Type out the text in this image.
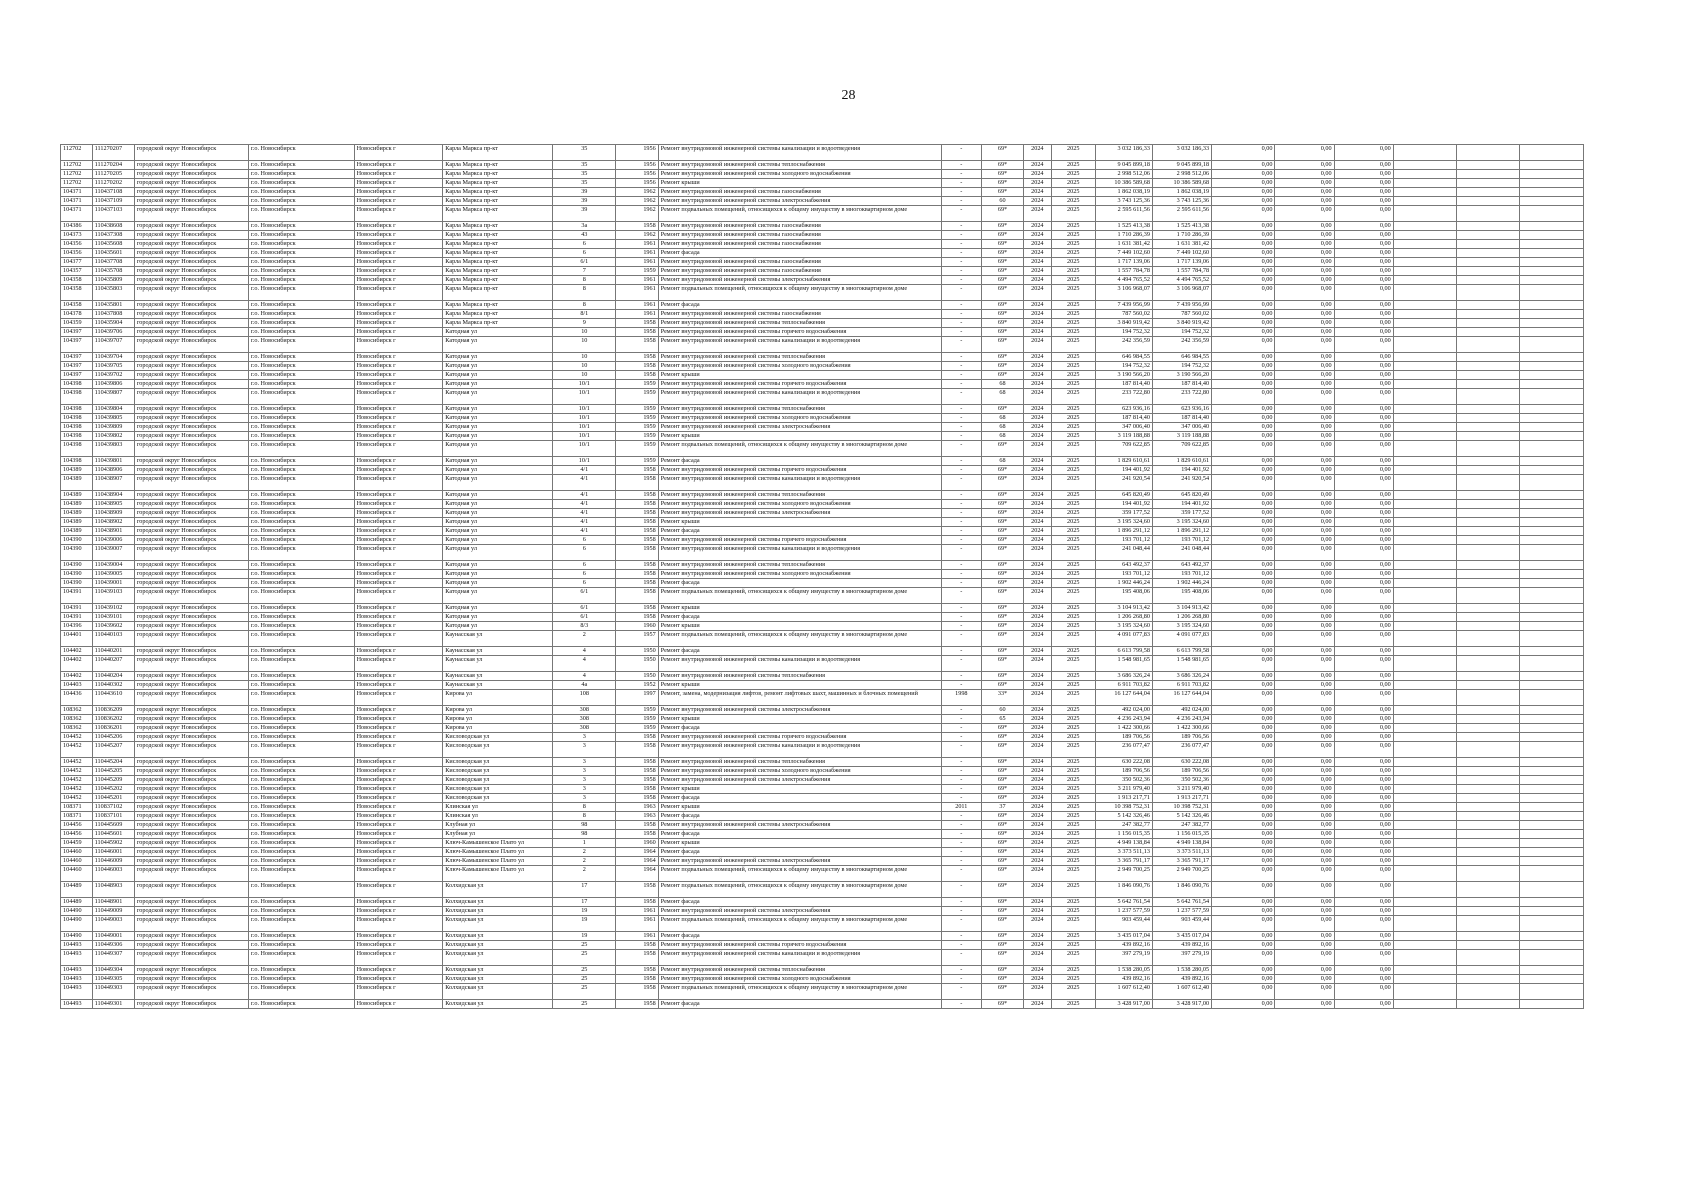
28
112702	111270207	городской округ Новосибирск	г.о. Новосибирск	Новосибирск г	Карла Маркса пр-кт	35	1956	Ремонт внутридомовой инженерной системы канализации и водоотведения	-	69*	2024	2025	3 032 186,33	3 032 186,33	0,00	0,00	0,00			
112702	111270204	городской округ Новосибирск	г.о. Новосибирск	Новосибирск г	Карла Маркса пр-кт	35	1956	Ремонт внутридомовой инженерной системы теплоснабжения	-	69*	2024	2025	9 045 899,18	9 045 899,18	0,00	0,00	0,00			
112702	111270205	городской округ Новосибирск	г.о. Новосибирск	Новосибирск г	Карла Маркса пр-кт	35	1956	Ремонт внутридомовой инженерной системы холодного водоснабжения	-	69*	2024	2025	2 998 512,06	2 998 512,06	0,00	0,00	0,00			
112702	111270202	городской округ Новосибирск	г.о. Новосибирск	Новосибирск г	Карла Маркса пр-кт	35	1956	Ремонт крыши	-	69*	2024	2025	10 386 589,68	10 386 589,68	0,00	0,00	0,00			
104371	110437108	городской округ Новосибирск	г.о. Новосибирск	Новосибирск г	Карла Маркса пр-кт	39	1962	Ремонт внутридомовой инженерной системы газоснабжения	-	69*	2024	2025	1 862 038,19	1 862 038,19	0,00	0,00	0,00			
104371	110437109	городской округ Новосибирск	г.о. Новосибирск	Новосибирск г	Карла Маркса пр-кт	39	1962	Ремонт внутридомовой инженерной системы электроснабжения	-	60	2024	2025	3 743 125,36	3 743 125,36	0,00	0,00	0,00			
104371	110437103	городской округ Новосибирск	г.о. Новосибирск	Новосибирск г	Карла Маркса пр-кт	39	1962	Ремонт подвальных помещений, относящихся к общему имуществу в многоквартирном доме	-	69*	2024	2025	2 595 611,56	2 595 611,56	0,00	0,00	0,00			
104386	110438608	городской округ Новосибирск	г.о. Новосибирск	Новосибирск г	Карла Маркса пр-кт	3а	1958	Ремонт внутридомовой инженерной системы газоснабжения	-	69*	2024	2025	1 525 413,38	1 525 413,38	0,00	0,00	0,00			
104373	110437308	городской округ Новосибирск	г.о. Новосибирск	Новосибирск г	Карла Маркса пр-кт	43	1962	Ремонт внутридомовой инженерной системы газоснабжения	-	69*	2024	2025	1 710 286,39	1 710 286,39	0,00	0,00	0,00			
104356	110435608	городской округ Новосибирск	г.о. Новосибирск	Новосибирск г	Карла Маркса пр-кт	6	1961	Ремонт внутридомовой инженерной системы газоснабжения	-	69*	2024	2025	1 631 381,42	1 631 381,42	0,00	0,00	0,00			
104356	110435601	городской округ Новосибирск	г.о. Новосибирск	Новосибирск г	Карла Маркса пр-кт	6	1961	Ремонт фасада	-	69*	2024	2025	7 449 102,60	7 449 102,60	0,00	0,00	0,00			
104377	110437708	городской округ Новосибирск	г.о. Новосибирск	Новосибирск г	Карла Маркса пр-кт	6/1	1961	Ремонт внутридомовой инженерной системы газоснабжения	-	69*	2024	2025	1 717 139,06	1 717 139,06	0,00	0,00	0,00			
104357	110435708	городской округ Новосибирск	г.о. Новосибирск	Новосибирск г	Карла Маркса пр-кт	7	1959	Ремонт внутридомовой инженерной системы газоснабжения	-	69*	2024	2025	1 557 784,78	1 557 784,78	0,00	0,00	0,00			
104358	110435809	городской округ Новосибирск	г.о. Новосибирск	Новосибирск г	Карла Маркса пр-кт	8	1961	Ремонт внутридомовой инженерной системы электроснабжения	-	69*	2024	2025	4 494 765,52	4 494 765,52	0,00	0,00	0,00			
104358	110435803	городской округ Новосибирск	г.о. Новосибирск	Новосибирск г	Карла Маркса пр-кт	8	1961	Ремонт подвальных помещений, относящихся к общему имуществу в многоквартирном доме	-	69*	2024	2025	3 106 968,07	3 106 968,07	0,00	0,00	0,00			
104358	110435801	городской округ Новосибирск	г.о. Новосибирск	Новосибирск г	Карла Маркса пр-кт	8	1961	Ремонт фасада	-	69*	2024	2025	7 439 956,99	7 439 956,99	0,00	0,00	0,00			
104378	110437808	городской округ Новосибирск	г.о. Новосибирск	Новосибирск г	Карла Маркса пр-кт	8/1	1961	Ремонт внутридомовой инженерной системы газоснабжения	-	69*	2024	2025	787 560,02	787 560,02	0,00	0,00	0,00			
104359	110435904	городской округ Новосибирск	г.о. Новосибирск	Новосибирск г	Карла Маркса пр-кт	9	1958	Ремонт внутридомовой инженерной системы теплоснабжения	-	69*	2024	2025	3 840 919,42	3 840 919,42	0,00	0,00	0,00			
104397	110439706	городской округ Новосибирск	г.о. Новосибирск	Новосибирск г	Катодная ул	10	1958	Ремонт внутридомовой инженерной системы горячего водоснабжения	-	69*	2024	2025	194 752,32	194 752,32	0,00	0,00	0,00			
104397	110439707	городской округ Новосибирск	г.о. Новосибирск	Новосибирск г	Катодная ул	10	1958	Ремонт внутридомовой инженерной системы канализации и водоотведения	-	69*	2024	2025	242 356,59	242 356,59	0,00	0,00	0,00			
104397	110439704	городской округ Новосибирск	г.о. Новосибирск	Новосибирск г	Катодная ул	10	1958	Ремонт внутридомовой инженерной системы теплоснабжения	-	69*	2024	2025	646 984,55	646 984,55	0,00	0,00	0,00			
104397	110439705	городской округ Новосибирск	г.о. Новосибирск	Новосибирск г	Катодная ул	10	1958	Ремонт внутридомовой инженерной системы холодного водоснабжения	-	69*	2024	2025	194 752,32	194 752,32	0,00	0,00	0,00			
104397	110439702	городской округ Новосибирск	г.о. Новосибирск	Новосибирск г	Катодная ул	10	1958	Ремонт крыши	-	69*	2024	2025	3 190 566,20	3 190 566,20	0,00	0,00	0,00			
104398	110439806	городской округ Новосибирск	г.о. Новосибирск	Новосибирск г	Катодная ул	10/1	1959	Ремонт внутридомовой инженерной системы горячего водоснабжения	-	68	2024	2025	187 814,40	187 814,40	0,00	0,00	0,00			
104398	110439807	городской округ Новосибирск	г.о. Новосибирск	Новосибирск г	Катодная ул	10/1	1959	Ремонт внутридомовой инженерной системы канализации и водоотведения	-	68	2024	2025	233 722,80	233 722,80	0,00	0,00	0,00			
104398	110439804	городской округ Новосибирск	г.о. Новосибирск	Новосибирск г	Катодная ул	10/1	1959	Ремонт внутридомовой инженерной системы теплоснабжения	-	69*	2024	2025	623 936,16	623 936,16	0,00	0,00	0,00			
104398	110439805	городской округ Новосибирск	г.о. Новосибирск	Новосибирск г	Катодная ул	10/1	1959	Ремонт внутридомовой инженерной системы холодного водоснабжения	-	68	2024	2025	187 814,40	187 814,40	0,00	0,00	0,00			
104398	110439809	городской округ Новосибирск	г.о. Новосибирск	Новосибирск г	Катодная ул	10/1	1959	Ремонт внутридомовой инженерной системы электроснабжения	-	68	2024	2025	347 006,40	347 006,40	0,00	0,00	0,00			
104398	110439802	городской округ Новосибирск	г.о. Новосибирск	Новосибирск г	Катодная ул	10/1	1959	Ремонт крыши	-	68	2024	2025	3 119 188,88	3 119 188,88	0,00	0,00	0,00			
104398	110439803	городской округ Новосибирск	г.о. Новосибирск	Новосибирск г	Катодная ул	10/1	1959	Ремонт подвальных помещений, относящихся к общему имуществу в многоквартирном доме	-	69*	2024	2025	709 622,85	709 622,85	0,00	0,00	0,00			
104398	110439801	городской округ Новосибирск	г.о. Новосибирск	Новосибирск г	Катодная ул	10/1	1959	Ремонт фасада	-	68	2024	2025	1 829 610,61	1 829 610,61	0,00	0,00	0,00			
104389	110438906	городской округ Новосибирск	г.о. Новосибирск	Новосибирск г	Катодная ул	4/1	1958	Ремонт внутридомовой инженерной системы горячего водоснабжения	-	69*	2024	2025	194 401,92	194 401,92	0,00	0,00	0,00			
104389	110438907	городской округ Новосибирск	г.о. Новосибирск	Новосибирск г	Катодная ул	4/1	1958	Ремонт внутридомовой инженерной системы канализации и водоотведения	-	69*	2024	2025	241 920,54	241 920,54	0,00	0,00	0,00			
104389	110438904	городской округ Новосибирск	г.о. Новосибирск	Новосибирск г	Катодная ул	4/1	1958	Ремонт внутридомовой инженерной системы теплоснабжения	-	69*	2024	2025	645 820,49	645 820,49	0,00	0,00	0,00			
104389	110438905	городской округ Новосибирск	г.о. Новосибирск	Новосибирск г	Катодная ул	4/1	1958	Ремонт внутридомовой инженерной системы холодного водоснабжения	-	69*	2024	2025	194 401,92	194 401,92	0,00	0,00	0,00			
104389	110438909	городской округ Новосибирск	г.о. Новосибирск	Новосибирск г	Катодная ул	4/1	1958	Ремонт внутридомовой инженерной системы электроснабжения	-	69*	2024	2025	359 177,52	359 177,52	0,00	0,00	0,00			
104389	110438902	городской округ Новосибирск	г.о. Новосибирск	Новосибирск г	Катодная ул	4/1	1958	Ремонт крыши	-	69*	2024	2025	3 195 324,60	3 195 324,60	0,00	0,00	0,00			
104389	110438901	городской округ Новосибирск	г.о. Новосибирск	Новосибирск г	Катодная ул	4/1	1958	Ремонт фасада	-	69*	2024	2025	1 896 291,12	1 896 291,12	0,00	0,00	0,00			
104390	110439006	городской округ Новосибирск	г.о. Новосибирск	Новосибирск г	Катодная ул	6	1958	Ремонт внутридомовой инженерной системы горячего водоснабжения	-	69*	2024	2025	193 701,12	193 701,12	0,00	0,00	0,00			
104390	110439007	городской округ Новосибирск	г.о. Новосибирск	Новосибирск г	Катодная ул	6	1958	Ремонт внутридомовой инженерной системы канализации и водоотведения	-	69*	2024	2025	241 048,44	241 048,44	0,00	0,00	0,00			
104390	110439004	городской округ Новосибирск	г.о. Новосибирск	Новосибирск г	Катодная ул	6	1958	Ремонт внутридомовой инженерной системы теплоснабжения	-	69*	2024	2025	643 492,37	643 492,37	0,00	0,00	0,00			
104390	110439005	городской округ Новосибирск	г.о. Новосибирск	Новосибирск г	Катодная ул	6	1958	Ремонт внутридомовой инженерной системы холодного водоснабжения	-	69*	2024	2025	193 701,12	193 701,12	0,00	0,00	0,00			
104390	110439001	городской округ Новосибирск	г.о. Новосибирск	Новосибирск г	Катодная ул	6	1958	Ремонт фасада	-	69*	2024	2025	1 902 446,24	1 902 446,24	0,00	0,00	0,00			
104391	110439103	городской округ Новосибирск	г.о. Новосибирск	Новосибирск г	Катодная ул	6/1	1958	Ремонт подвальных помещений, относящихся к общему имуществу в многоквартирном доме	-	69*	2024	2025	195 408,06	195 408,06	0,00	0,00	0,00			
104391	110439102	городской округ Новосибирск	г.о. Новосибирск	Новосибирск г	Катодная ул	6/1	1958	Ремонт крыши	-	69*	2024	2025	3 104 913,42	3 104 913,42	0,00	0,00	0,00			
104391	110439101	городской округ Новосибирск	г.о. Новосибирск	Новосибирск г	Катодная ул	6/1	1958	Ремонт фасада	-	69*	2024	2025	1 206 268,80	1 206 268,80	0,00	0,00	0,00			
104396	110439602	городской округ Новосибирск	г.о. Новосибирск	Новосибирск г	Катодная ул	8/3	1960	Ремонт крыши	-	69*	2024	2025	3 195 324,60	3 195 324,60	0,00	0,00	0,00			
104401	110440103	городской округ Новосибирск	г.о. Новосибирск	Новосибирск г	Каунасская ул	2	1957	Ремонт подвальных помещений, относящихся к общему имуществу в многоквартирном доме	-	69*	2024	2025	4 091 077,83	4 091 077,83	0,00	0,00	0,00			
104402	110440201	городской округ Новосибирск	г.о. Новосибирск	Новосибирск г	Каунасская ул	4	1950	Ремонт фасада	-	69*	2024	2025	6 613 799,58	6 613 799,58	0,00	0,00	0,00			
104402	110440207	городской округ Новосибирск	г.о. Новосибирск	Новосибирск г	Каунасская ул	4	1950	Ремонт внутридомовой инженерной системы канализации и водоотведения	-	69*	2024	2025	1 548 981,65	1 548 981,65	0,00	0,00	0,00			
104402	110440204	городской округ Новосибирск	г.о. Новосибирск	Новосибирск г	Каунасская ул	4	1950	Ремонт внутридомовой инженерной системы теплоснабжения	-	69*	2024	2025	3 686 326,24	3 686 326,24	0,00	0,00	0,00			
104403	110440302	городской округ Новосибирск	г.о. Новосибирск	Новосибирск г	Каунасская ул	4а	1952	Ремонт крыши	-	69*	2024	2025	6 911 703,82	6 911 703,82	0,00	0,00	0,00			
104436	110443610	городской округ Новосибирск	г.о. Новосибирск	Новосибирск г	Кирова ул	108	1997	Ремонт, замена, модернизация лифтов, ремонт лифтовых шахт, машинных и блочных помещений	1998	33*	2024	2025	16 127 644,04	16 127 644,04	0,00	0,00	0,00			
108362	110836209	городской округ Новосибирск	г.о. Новосибирск	Новосибирск г	Кирова ул	308	1959	Ремонт внутридомовой инженерной системы электроснабжения	-	60	2024	2025	492 024,00	492 024,00	0,00	0,00	0,00			
108362	110836202	городской округ Новосибирск	г.о. Новосибирск	Новосибирск г	Кирова ул	308	1959	Ремонт крыши	-	65	2024	2025	4 236 243,94	4 236 243,94	0,00	0,00	0,00			
108362	110836201	городской округ Новосибирск	г.о. Новосибирск	Новосибирск г	Кирова ул	308	1959	Ремонт фасада	-	69*	2024	2025	1 422 300,66	1 422 300,66	0,00	0,00	0,00			
104452	110445206	городской округ Новосибирск	г.о. Новосибирск	Новосибирск г	Кисловодская ул	3	1958	Ремонт внутридомовой инженерной системы горячего водоснабжения	-	69*	2024	2025	189 706,56	189 706,56	0,00	0,00	0,00			
104452	110445207	городской округ Новосибирск	г.о. Новосибирск	Новосибирск г	Кисловодская ул	3	1958	Ремонт внутридомовой инженерной системы канализации и водоотведения	-	69*	2024	2025	236 077,47	236 077,47	0,00	0,00	0,00			
104452	110445204	городской округ Новосибирск	г.о. Новосибирск	Новосибирск г	Кисловодская ул	3	1958	Ремонт внутридомовой инженерной системы теплоснабжения	-	69*	2024	2025	630 222,08	630 222,08	0,00	0,00	0,00			
104452	110445205	городской округ Новосибирск	г.о. Новосибирск	Новосибирск г	Кисловодская ул	3	1958	Ремонт внутридомовой инженерной системы холодного водоснабжения	-	69*	2024	2025	189 706,56	189 706,56	0,00	0,00	0,00			
104452	110445209	городской округ Новосибирск	г.о. Новосибирск	Новосибирск г	Кисловодская ул	3	1958	Ремонт внутридомовой инженерной системы электроснабжения	-	69*	2024	2025	350 502,36	350 502,36	0,00	0,00	0,00			
104452	110445202	городской округ Новосибирск	г.о. Новосибирск	Новосибирск г	Кисловодская ул	3	1958	Ремонт крыши	-	69*	2024	2025	3 211 979,40	3 211 979,40	0,00	0,00	0,00			
104452	110445201	городской округ Новосибирск	г.о. Новосибирск	Новосибирск г	Кисловодская ул	3	1958	Ремонт фасада	-	69*	2024	2025	1 913 217,71	1 913 217,71	0,00	0,00	0,00			
108371	110837102	городской округ Новосибирск	г.о. Новосибирск	Новосибирск г	Клинская ул	8	1963	Ремонт крыши	2011	37	2024	2025	10 398 752,31	10 398 752,31	0,00	0,00	0,00			
108371	110837101	городской округ Новосибирск	г.о. Новосибирск	Новосибирск г	Клинская ул	8	1963	Ремонт фасада	-	69*	2024	2025	5 142 326,46	5 142 326,46	0,00	0,00	0,00			
104456	110445609	городской округ Новосибирск	г.о. Новосибирск	Новосибирск г	Клубная ул	98	1958	Ремонт внутридомовой инженерной системы электроснабжения	-	69*	2024	2025	247 382,77	247 382,77	0,00	0,00	0,00			
104456	110445601	городской округ Новосибирск	г.о. Новосибирск	Новосибирск г	Клубная ул	98	1958	Ремонт фасада	-	69*	2024	2025	1 156 015,35	1 156 015,35	0,00	0,00	0,00			
104459	110445902	городской округ Новосибирск	г.о. Новосибирск	Новосибирск г	Ключ-Камышенское Плато ул	1	1960	Ремонт крыши	-	69*	2024	2025	4 949 138,84	4 949 138,84	0,00	0,00	0,00			
104460	110446001	городской округ Новосибирск	г.о. Новосибирск	Новосибирск г	Ключ-Камышенское Плато ул	2	1964	Ремонт фасада	-	69*	2024	2025	3 373 511,13	3 373 511,13	0,00	0,00	0,00			
104460	110446009	городской округ Новосибирск	г.о. Новосибирск	Новосибирск г	Ключ-Камышенское Плато ул	2	1964	Ремонт внутридомовой инженерной системы электроснабжения	-	69*	2024	2025	3 365 791,17	3 365 791,17	0,00	0,00	0,00			
104460	110446003	городской округ Новосибирск	г.о. Новосибирск	Новосибирск г	Ключ-Камышенское Плато ул	2	1964	Ремонт подвальных помещений, относящихся к общему имуществу в многоквартирном доме	-	69*	2024	2025	2 949 700,25	2 949 700,25	0,00	0,00	0,00			
104489	110448903	городской округ Новосибирск	г.о. Новосибирск	Новосибирск г	Колхидская ул	17	1958	Ремонт подвальных помещений, относящихся к общему имуществу в многоквартирном доме	-	69*	2024	2025	1 846 090,76	1 846 090,76	0,00	0,00	0,00			
104489	110448901	городской округ Новосибирск	г.о. Новосибирск	Новосибирск г	Колхидская ул	17	1958	Ремонт фасада	-	69*	2024	2025	5 642 761,54	5 642 761,54	0,00	0,00	0,00			
104490	110449009	городской округ Новосибирск	г.о. Новосибирск	Новосибирск г	Колхидская ул	19	1961	Ремонт внутридомовой инженерной системы электроснабжения	-	69*	2024	2025	1 237 577,59	1 237 577,59	0,00	0,00	0,00			
104490	110449003	городской округ Новосибирск	г.о. Новосибирск	Новосибирск г	Колхидская ул	19	1961	Ремонт подвальных помещений, относящихся к общему имуществу в многоквартирном доме	-	69*	2024	2025	903 459,44	903 459,44	0,00	0,00	0,00			
104490	110449001	городской округ Новосибирск	г.о. Новосибирск	Новосибирск г	Колхидская ул	19	1961	Ремонт фасада	-	69*	2024	2025	3 435 017,04	3 435 017,04	0,00	0,00	0,00			
104493	110449306	городской округ Новосибирск	г.о. Новосибирск	Новосибирск г	Колхидская ул	25	1958	Ремонт внутридомовой инженерной системы горячего водоснабжения	-	69*	2024	2025	439 892,16	439 892,16	0,00	0,00	0,00			
104493	110449307	городской округ Новосибирск	г.о. Новосибирск	Новосибирск г	Колхидская ул	25	1958	Ремонт внутридомовой инженерной системы канализации и водоотведения	-	69*	2024	2025	397 279,19	397 279,19	0,00	0,00	0,00			
104493	110449304	городской округ Новосибирск	г.о. Новосибирск	Новосибирск г	Колхидская ул	25	1958	Ремонт внутридомовой инженерной системы теплоснабжения	-	69*	2024	2025	1 538 280,05	1 538 280,05	0,00	0,00	0,00			
104493	110449305	городской округ Новосибирск	г.о. Новосибирск	Новосибирск г	Колхидская ул	25	1958	Ремонт внутридомовой инженерной системы холодного водоснабжения	-	69*	2024	2025	439 892,16	439 892,16	0,00	0,00	0,00			
104493	110449303	городской округ Новосибирск	г.о. Новосибирск	Новосибирск г	Колхидская ул	25	1958	Ремонт подвальных помещений, относящихся к общему имуществу в многоквартирном доме	-	69*	2024	2025	1 607 612,40	1 607 612,40	0,00	0,00	0,00			
104493	110449301	городской округ Новосибирск	г.о. Новосибирск	Новосибирск г	Колхидская ул	25	1958	Ремонт фасада	-	69*	2024	2025	3 428 917,00	3 428 917,00	0,00	0,00	0,00			
